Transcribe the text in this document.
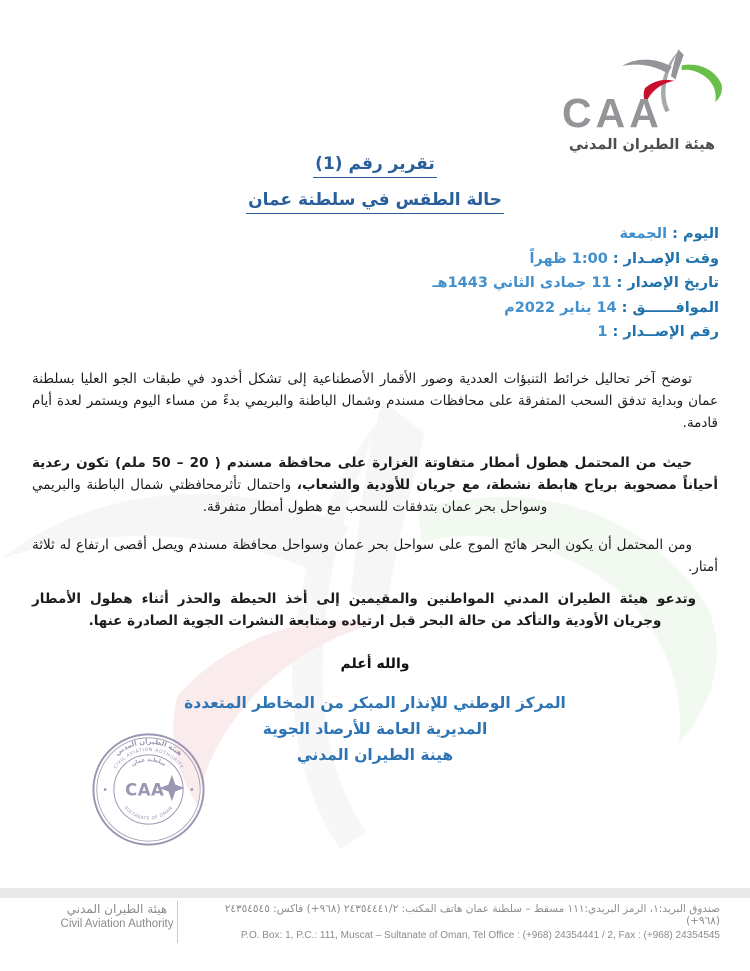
CAA
هيئة الطيران المدني
تقرير رقم (1)
حالة الطقس في سلطنة عمان
اليوم :الجمعة
وقت الإصـدار :1:00 ظهراً
تاريخ الإصدار :11 جمادى الثاني 1443هـ
الموافــــــق :14 يناير 2022م
رقم الإصــدار :1
توضح آخر تحاليل خرائط التنبؤات العددية وصور الأقمار الأصطناعية إلى تشكل أخدود في طبقات الجو العليا بسلطنة عمان وبداية تدفق السحب المتفرقة على محافظات مسندم وشمال الباطنة والبريمي بدءً من مساء اليوم ويستمر لعدة أيام قادمة.
حيث من المحتمل هطول أمطار متفاوتة الغزارة على محافظة مسندم ( 20 – 50 ملم) تكون رعدية أحياناً مصحوبة برياح هابطة نشطة، مع جريان للأودية والشعاب، واحتمال تأثرمحافظتي شمال الباطنة والبريمي وسواحل بحر عمان بتدفقات للسحب مع هطول أمطار متفرقة.
ومن المحتمل أن يكون البحر هائج الموج على سواحل بحر عمان وسواحل محافظة مسندم ويصل أقصى ارتفاع له ثلاثة أمتار.
وتدعو هيئة الطيران المدني المواطنين والمقيمين إلى أخذ الحيطة والحذر أثناء هطول الأمطار وجريان الأودية والتأكد من حالة البحر قبل ارتياده ومتابعة النشرات الجوية الصادرة عنها.
والله أعلم
المركز الوطني للإنذار المبكر من المخاطر المتعددة
المديرية العامة للأرصاد الجوية
هينة الطيران المدني
هيئة الطيران المدني
CIVIL AVIATION AUTHORITY
سلطنة عمان
SULTANATE OF OMAN
CAA
هيئة الطيران المدني
Civil Aviation Authority
صندوق البريد:١، الرمز البريدي:١١١ مسقط – سلطنة عمان هاتف المكتب: ٢٤٣٥٤٤٤١/٢ (٩٦٨+) فاكس: ٢٤٣٥٤٥٤٥ (٩٦٨+)
P.O. Box: 1, P.C.: 111, Muscat – Sultanate of Oman, Tel Office : (+968) 24354441 / 2, Fax : (+968) 24354545
